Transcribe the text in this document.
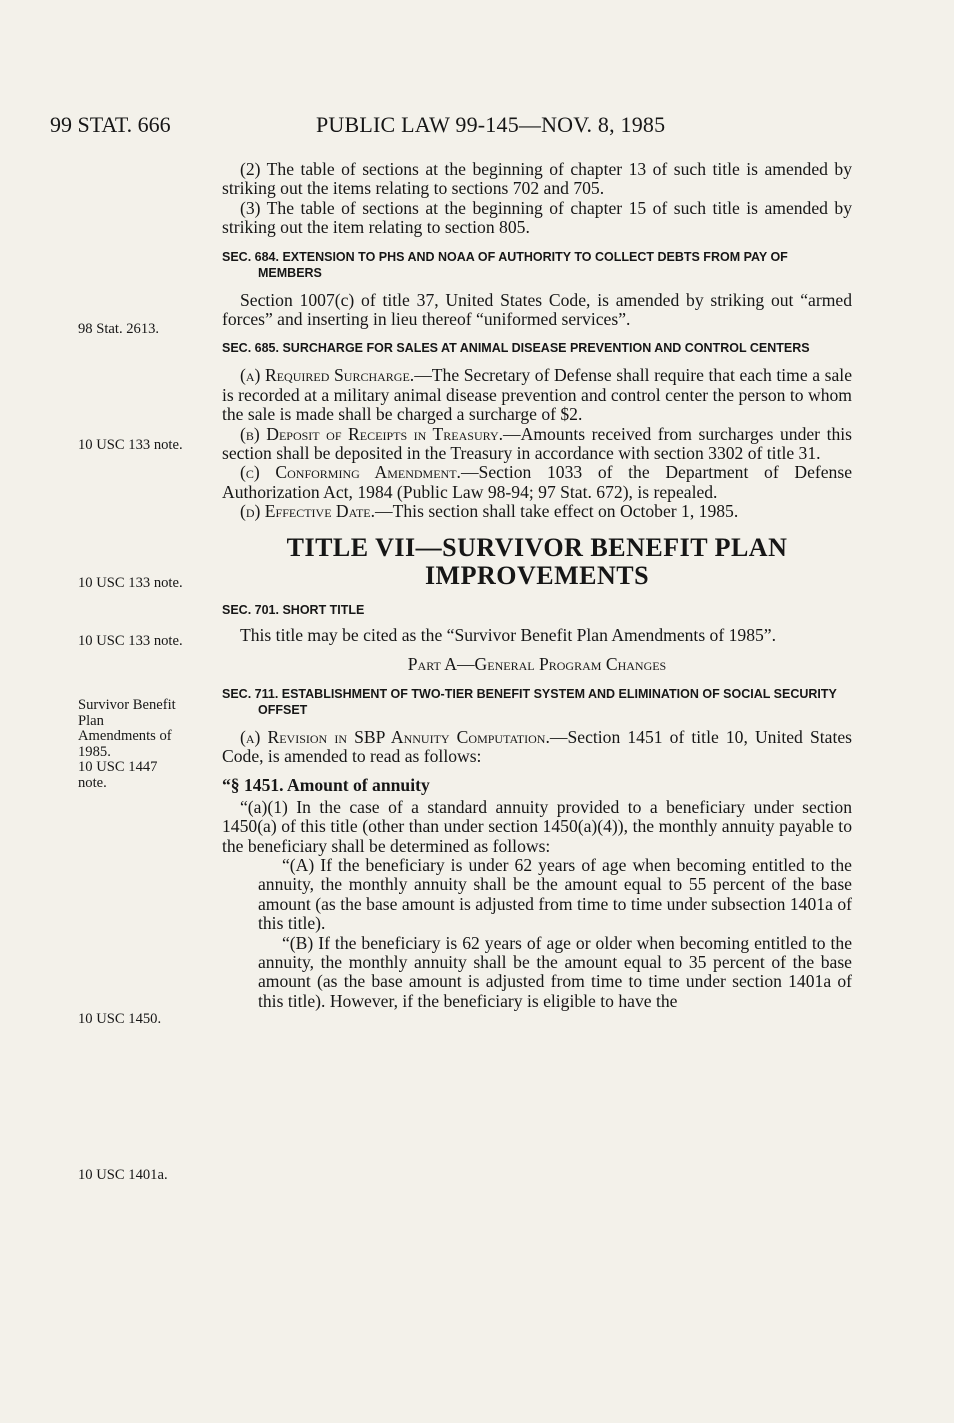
99 STAT. 666	PUBLIC LAW 99-145—NOV. 8, 1985
98 Stat. 2613.
10 USC 133 note.
10 USC 133 note.
10 USC 133 note.
Survivor Benefit
Plan
Amendments of
1985.
10 USC 1447
note.
10 USC 1450.
10 USC 1401a.

(2) The table of sections at the beginning of chapter 13 of such title is amended by striking out the items relating to sections 702 and 705.

(3) The table of sections at the beginning of chapter 15 of such title is amended by striking out the item relating to section 805.

SEC. 684. EXTENSION TO PHS AND NOAA OF AUTHORITY TO COLLECT DEBTS FROM PAY OF MEMBERS

Section 1007(c) of title 37, United States Code, is amended by striking out “armed forces” and inserting in lieu thereof “uniformed services”.

SEC. 685. SURCHARGE FOR SALES AT ANIMAL DISEASE PREVENTION AND CONTROL CENTERS

(a) Required Surcharge.—The Secretary of Defense shall require that each time a sale is recorded at a military animal disease prevention and control center the person to whom the sale is made shall be charged a surcharge of $2.

(b) Deposit of Receipts in Treasury.—Amounts received from surcharges under this section shall be deposited in the Treasury in accordance with section 3302 of title 31.

(c) Conforming Amendment.—Section 1033 of the Department of Defense Authorization Act, 1984 (Public Law 98-94; 97 Stat. 672), is repealed.

(d) Effective Date.—This section shall take effect on October 1, 1985.

TITLE VII—SURVIVOR BENEFIT PLAN
IMPROVEMENTS
SEC. 701. SHORT TITLE

This title may be cited as the “Survivor Benefit Plan Amendments of 1985”.

Part A—General Program Changes
SEC. 711. ESTABLISHMENT OF TWO-TIER BENEFIT SYSTEM AND ELIMINATION OF SOCIAL SECURITY OFFSET

(a) Revision in SBP Annuity Computation.—Section 1451 of title 10, United States Code, is amended to read as follows:

“§ 1451. Amount of annuity

“(a)(1) In the case of a standard annuity provided to a beneficiary under section 1450(a) of this title (other than under section 1450(a)(4)), the monthly annuity payable to the beneficiary shall be determined as follows:

“(A) If the beneficiary is under 62 years of age when becoming entitled to the annuity, the monthly annuity shall be the amount equal to 55 percent of the base amount (as the base amount is adjusted from time to time under subsection 1401a of this title).

“(B) If the beneficiary is 62 years of age or older when becoming entitled to the annuity, the monthly annuity shall be the amount equal to 35 percent of the base amount (as the base amount is adjusted from time to time under section 1401a of this title). However, if the beneficiary is eligible to have the
